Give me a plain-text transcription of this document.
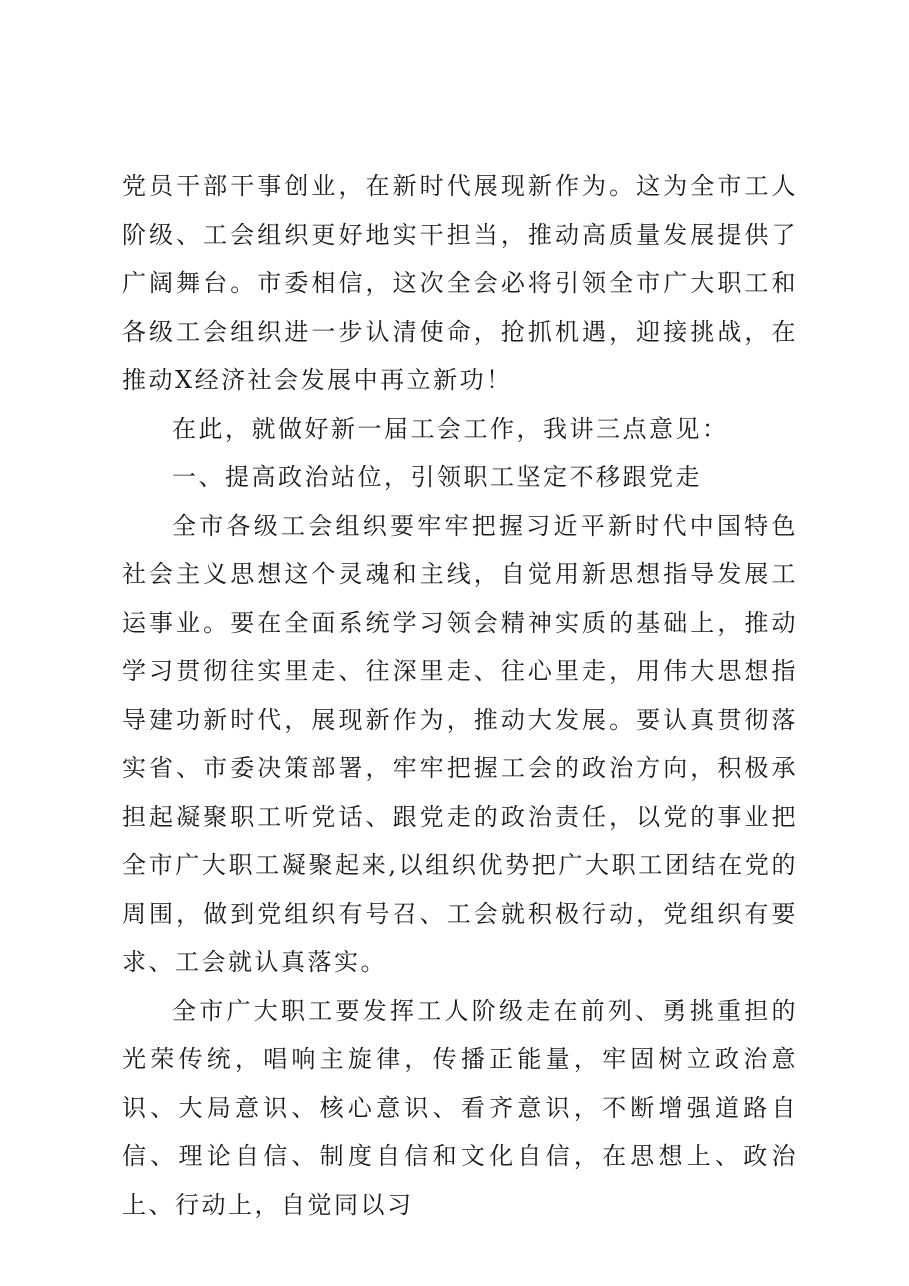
党员干部干事创业，在新时代展现新作为。这为全市工人阶级、工会组织更好地实干担当，推动高质量发展提供了广阔舞台。市委相信，这次全会必将引领全市广大职工和各级工会组织进一步认清使命，抢抓机遇，迎接挑战，在推动X经济社会发展中再立新功！

在此，就做好新一届工会工作，我讲三点意见：

一、提高政治站位，引领职工坚定不移跟党走

全市各级工会组织要牢牢把握习近平新时代中国特色社会主义思想这个灵魂和主线，自觉用新思想指导发展工运事业。要在全面系统学习领会精神实质的基础上，推动学习贯彻往实里走、往深里走、往心里走，用伟大思想指导建功新时代，展现新作为，推动大发展。要认真贯彻落实省、市委决策部署，牢牢把握工会的政治方向，积极承担起凝聚职工听党话、跟党走的政治责任，以党的事业把全市广大职工凝聚起来,以组织优势把广大职工团结在党的周围，做到党组织有号召、工会就积极行动，党组织有要求、工会就认真落实。

全市广大职工要发挥工人阶级走在前列、勇挑重担的光荣传统，唱响主旋律，传播正能量，牢固树立政治意识、大局意识、核心意识、看齐意识，不断增强道路自信、理论自信、制度自信和文化自信，在思想上、政治上、行动上，自觉同以习
